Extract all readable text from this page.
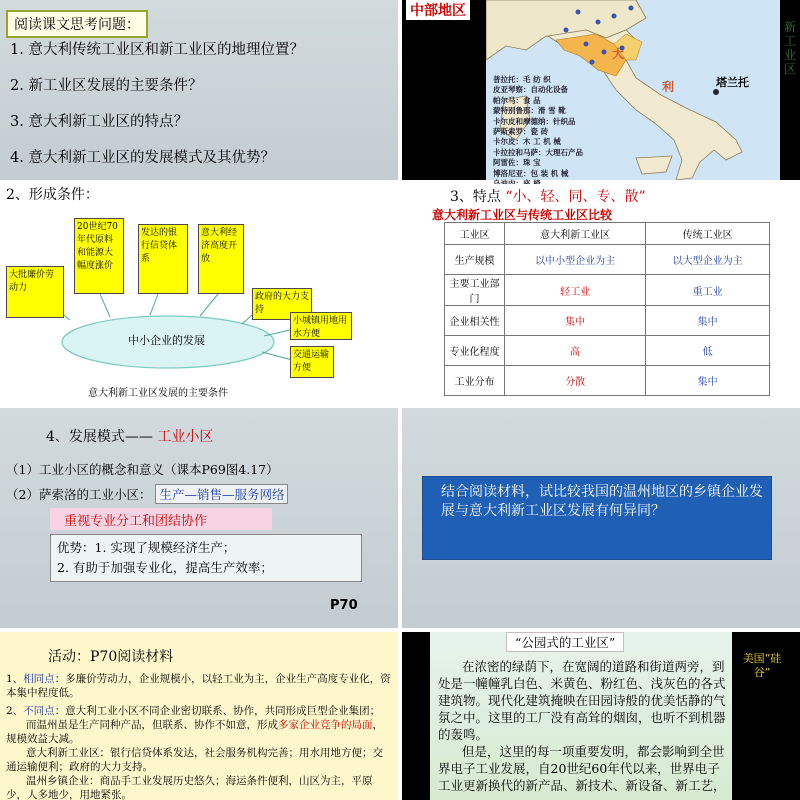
阅读课文思考问题：
1. 意大利传统工业区和新工业区的地理位置？
2. 新工业区发展的主要条件？
3. 意大利新工业区的特点？
4. 意大利新工业区的发展模式及其优势？
中部地区
大
利	塔兰托
新工业区
普拉托：毛 纺 织
皮亚琴察：自动化设备
帕尔马：食 品
蒙特别鲁那：滑 雪 靴
卡尔皮和摩德纳：针织品
萨斯索罗：瓷 砖
卡尔皮：木 工 机 械
卡拉拉和马萨：大理石产品
阿雷佐：珠 宝
博洛尼亚：包 装 机 械
2、形成条件：
大批廉价劳动力
20世纪70年代原料和能源大幅度涨价
发达的银行信贷体系
意大利经济高度开放
政府的大力支持
小城镇用地用水方便
交通运输方便
中小企业的发展
意大利新工业区发展的主要条件
3、特点 “小、轻、同、专、散”
意大利新工业区与传统工业区比较
工业区	意大利新工业区	传统工业区
生产规模	以中小型企业为主	以大型企业为主
主要工业部门	轻工业	重工业
企业相关性	集中	集中
专业化程度	高	低
工业分布	分散	集中
4、发展模式—— 工业小区
（1）工业小区的概念和意义（课本P69图4.17）
（2）萨索洛的工业小区： 生产—销售—服务网络
重视专业分工和团结协作
优势：1. 实现了规模经济生产；
2. 有助于加强专业化，提高生产效率；
P70
结合阅读材料，试比较我国的温州地区的乡镇企业发展与意大利新工业区发展有何异同？
活动：P70阅读材料
1、相同点：多廉价劳动力，企业规模小，以轻工业为主，企业生产高度专业化，资本集中程度低。
2、不同点：意大利工业小区不同企业密切联系、协作，共同形成巨型企业集团；
而温州虽是生产同种产品，但联系、协作不如意，形成多家企业竞争的局面，规模效益大减。
意大利新工业区：银行信贷体系发达，社会服务机构完善；用水用地方便；交通运输便利；政府的大力支持。
温州乡镇企业：商品手工业发展历史悠久；海运条件便利，山区为主，平原少，人多地少，用地紧张。
“公园式的工业区”

在浓密的绿荫下，在宽阔的道路和街道两旁，到处是一幢幢乳白色、米黄色、粉红色、浅灰色的各式建筑物。现代化建筑掩映在田园诗般的优美恬静的气氛之中。这里的工厂没有高耸的烟囱，也听不到机器的轰鸣。

但是，这里的每一项重要发明，都会影响到全世界电子工业发展，自20世纪60年代以来，世界电子工业更新换代的新产品、新技术、新设备、新工艺，

美国“硅谷”
